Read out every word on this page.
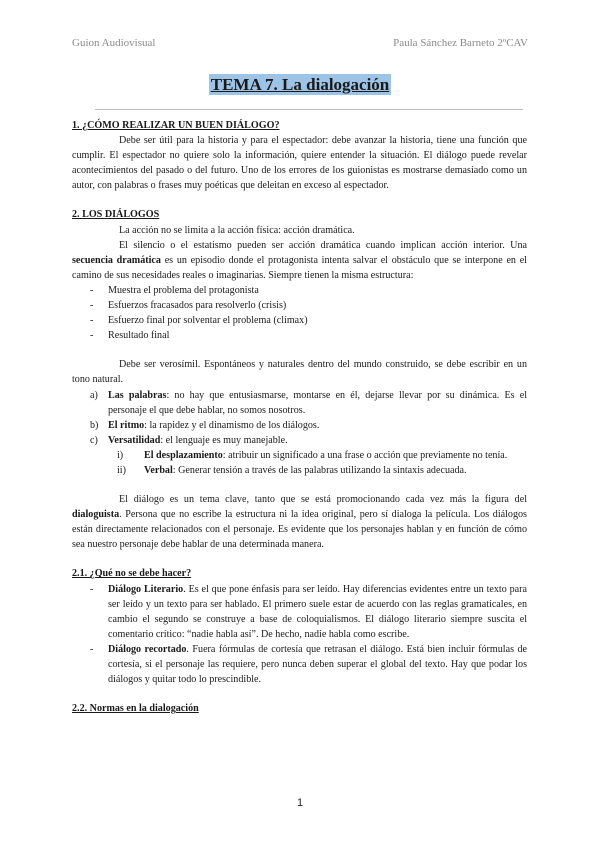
Guion Audiovisual	Paula Sánchez Barneto 2ºCAV
TEMA 7. La dialogación

1. ¿CÓMO REALIZAR UN BUEN DIÁLOGO?

Debe ser útil para la historia y para el espectador: debe avanzar la historia, tiene una función que cumplir. El espectador no quiere solo la información, quiere entender la situación. El diálogo puede revelar acontecimientos del pasado o del futuro. Uno de los errores de los guionistas es mostrarse demasiado como un autor, con palabras o frases muy poéticas que deleitan en exceso al espectador.

2. LOS DIÁLOGOS

La acción no se limita a la acción física: acción dramática.

El silencio o el estatismo pueden ser acción dramática cuando implican acción interior. Una secuencia dramática es un episodio donde el protagonista intenta salvar el obstáculo que se interpone en el camino de sus necesidades reales o imaginarias. Siempre tienen la misma estructura:

- Muestra el problema del protagonista
- Esfuerzos fracasados para resolverlo (crisis)
- Esfuerzo final por solventar el problema (clímax)
- Resultado final

Debe ser verosímil. Espontáneos y naturales dentro del mundo construido, se debe escribir en un tono natural.

a) Las palabras: no hay que entusiasmarse, montarse en él, dejarse llevar por su dinámica. Es el personaje el que debe hablar, no somos nosotros.
b) El ritmo: la rapidez y el dinamismo de los diálogos.
c) Versatilidad: el lenguaje es muy manejable.
i) El desplazamiento: atribuir un significado a una frase o acción que previamente no tenía.
ii) Verbal: Generar tensión a través de las palabras utilizando la sintaxis adecuada.

El diálogo es un tema clave, tanto que se está promocionando cada vez más la figura del dialoguista. Persona que no escribe la estructura ni la idea original, pero sí dialoga la película. Los diálogos están directamente relacionados con el personaje. Es evidente que los personajes hablan y en función de cómo sea nuestro personaje debe hablar de una determinada manera.

2.1. ¿Qué no se debe hacer?

- Diálogo Literario. Es el que pone énfasis para ser leído. Hay diferencias evidentes entre un texto para ser leído y un texto para ser hablado. El primero suele estar de acuerdo con las reglas gramaticales, en cambio el segundo se construye a base de coloquialismos. El diálogo literario siempre suscita el comentario crítico: “nadie habla así”. De hecho, nadie habla como escribe.
- Diálogo recortado. Fuera fórmulas de cortesía que retrasan el diálogo. Está bien incluir fórmulas de cortesía, si el personaje las requiere, pero nunca deben superar el global del texto. Hay que podar los diálogos y quitar todo lo prescindible.

2.2. Normas en la dialogación

1
